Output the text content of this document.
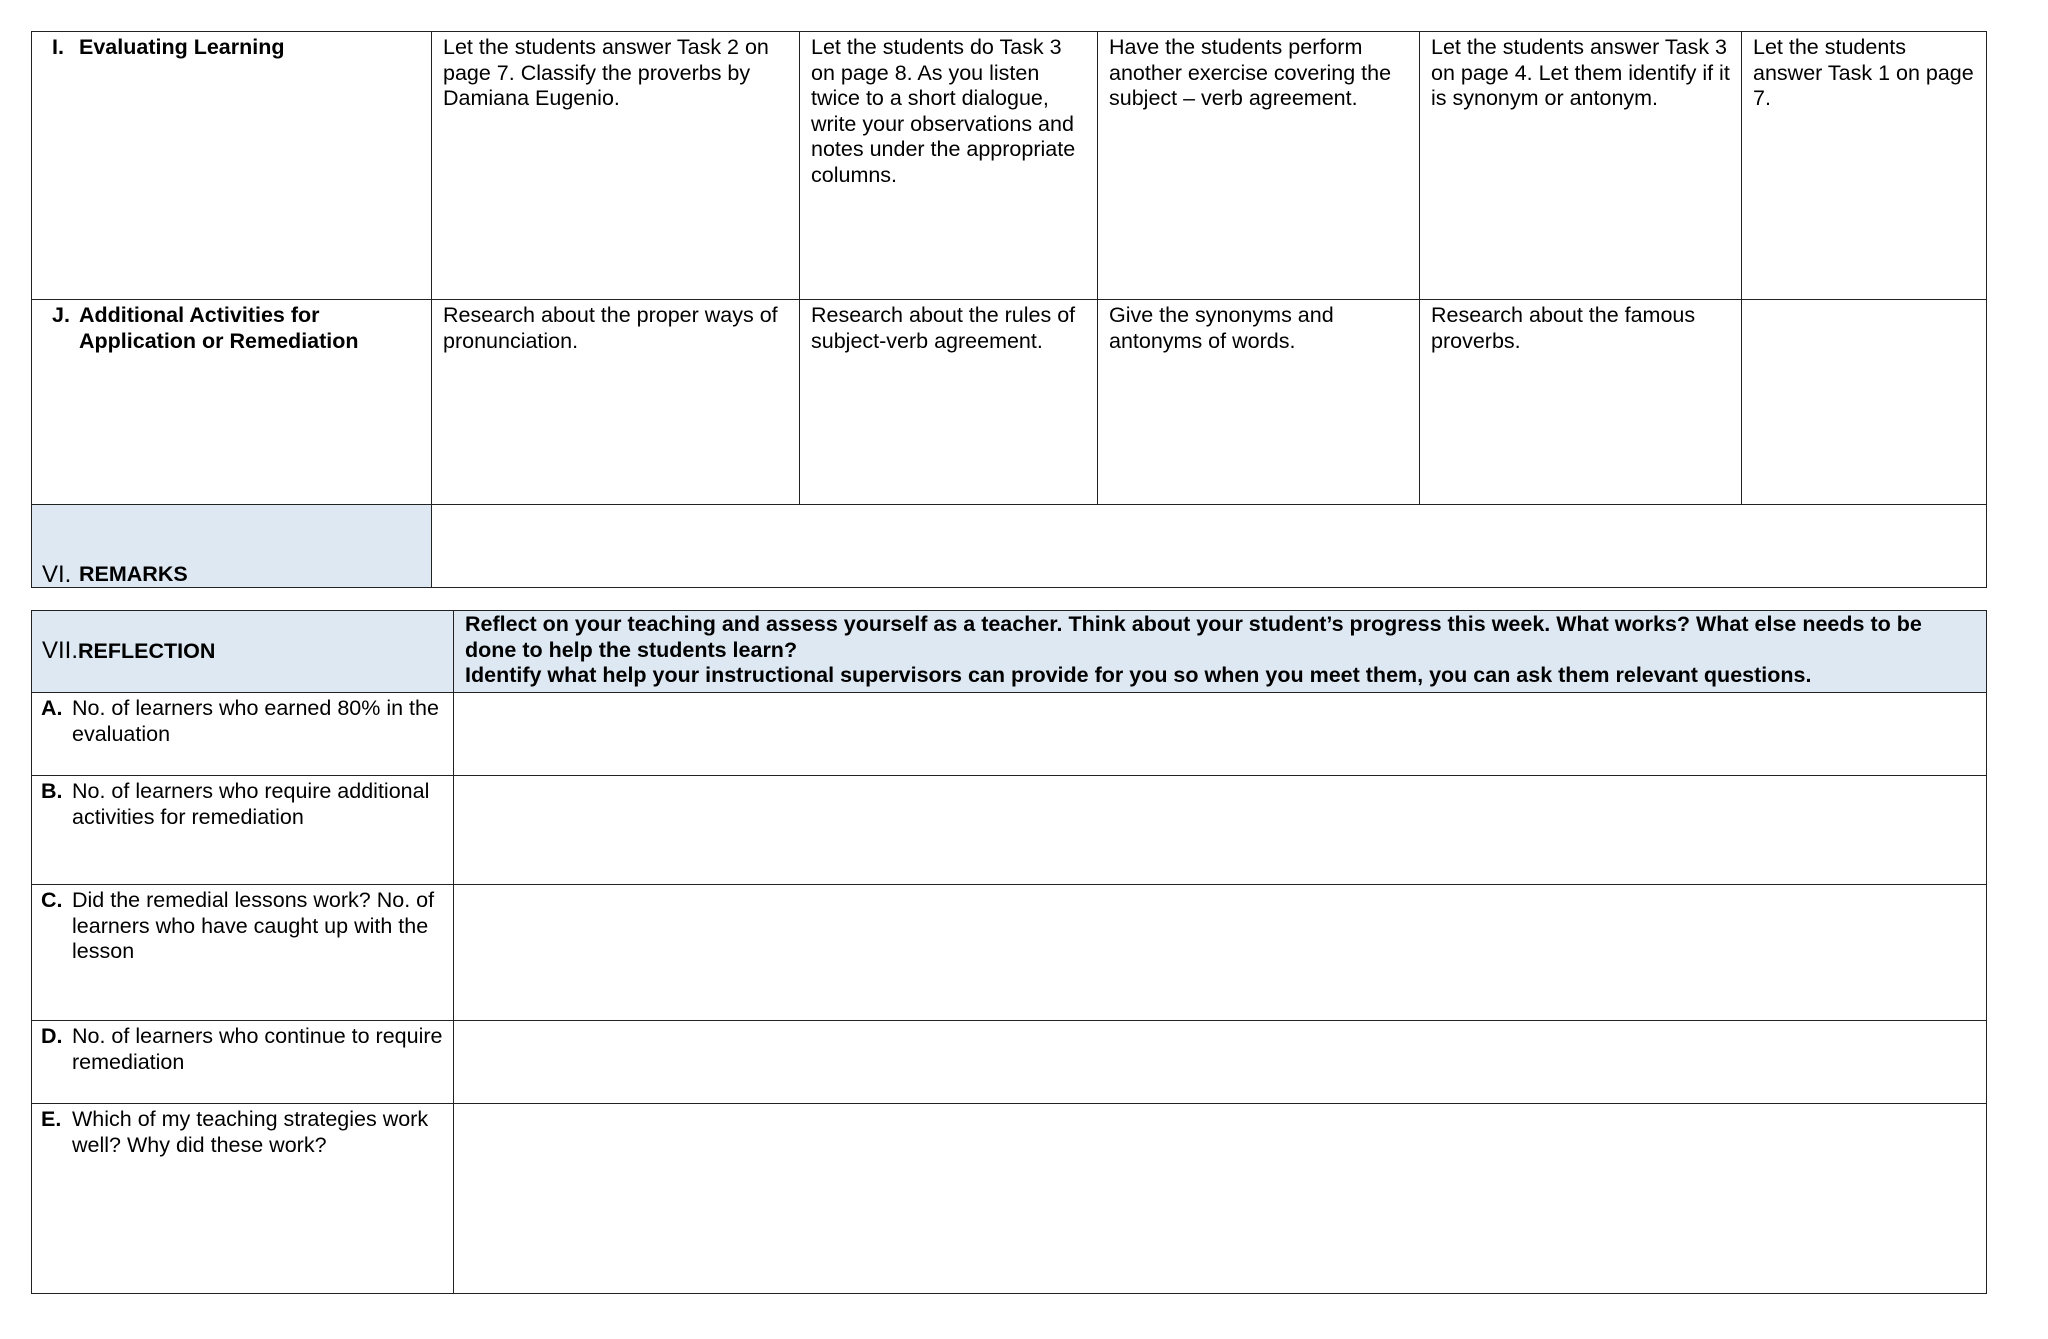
I. Evaluating Learning	Let the students answer Task 2 on page 7. Classify the proverbs by Damiana Eugenio.	Let the students do Task 3 on page 8. As you listen twice to a short dialogue, write your observations and notes under the appropriate columns.	Have the students perform another exercise covering the subject – verb agreement.	Let the students answer Task 3 on page 4. Let them identify if it is synonym or antonym.	Let the students answer Task 1 on page 7.

J. Additional Activities for Application or Remediation	Research about the proper ways of pronunciation.	Research about the rules of subject-verb agreement.	Give the synonyms and antonyms of words.	Research about the famous proverbs.	

VI. REMARKS					

VII.REFLECTION	Reflect on your teaching and assess yourself as a teacher. Think about your student’s progress this week. What works? What else needs to be done to help the students learn?
Identify what help your instructional supervisors can provide for you so when you meet them, you can ask them relevant questions.

A. No. of learners who earned 80% in the evaluation	

B. No. of learners who require additional activities for remediation	

C. Did the remedial lessons work? No. of learners who have caught up with the lesson	

D. No. of learners who continue to require remediation	

E. Which of my teaching strategies work well? Why did these work?	
